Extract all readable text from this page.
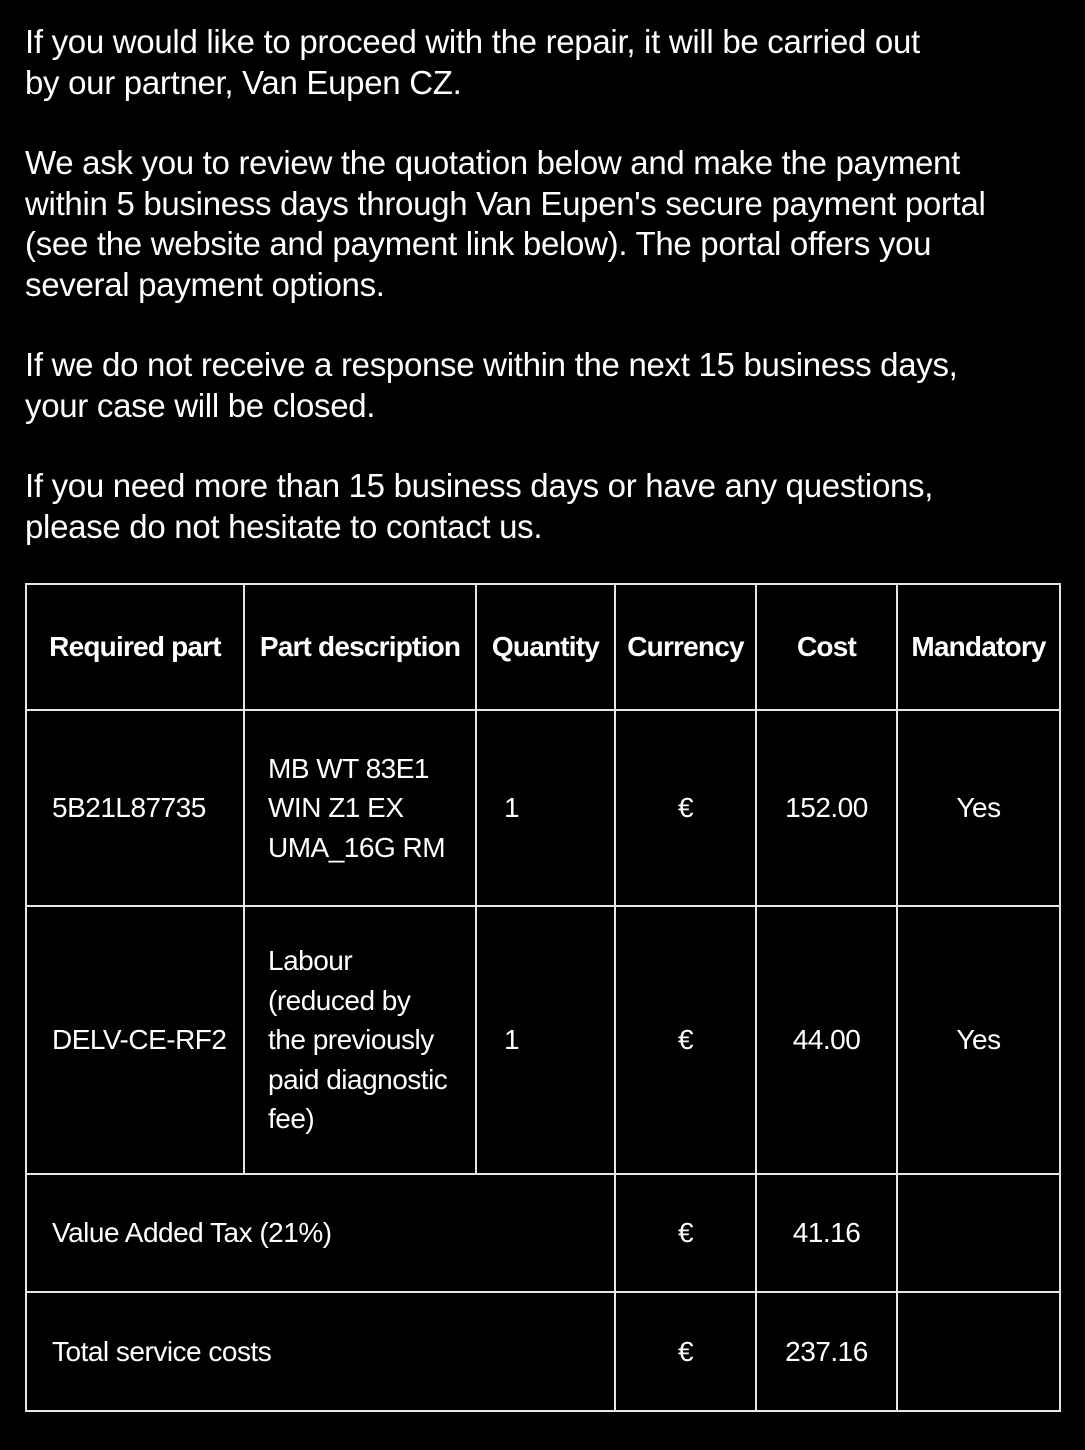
If you would like to proceed with the repair, it will be carried out
by our partner, Van Eupen CZ.

We ask you to review the quotation below and make the payment
within 5 business days through Van Eupen's secure payment portal
(see the website and payment link below). The portal offers you
several payment options.

If we do not receive a response within the next 15 business days,
your case will be closed.

If you need more than 15 business days or have any questions,
please do not hesitate to contact us.

Required part	Part description	Quantity	Currency	Cost	Mandatory
5B21L87735	MB WT 83E1
WIN Z1 EX
UMA_16G RM	1	€	152.00	Yes
DELV-CE-RF2	Labour
(reduced by
the previously
paid diagnostic
fee)	1	€	44.00	Yes
Value Added Tax (21%)			€	41.16	
Total service costs			€	237.16	
